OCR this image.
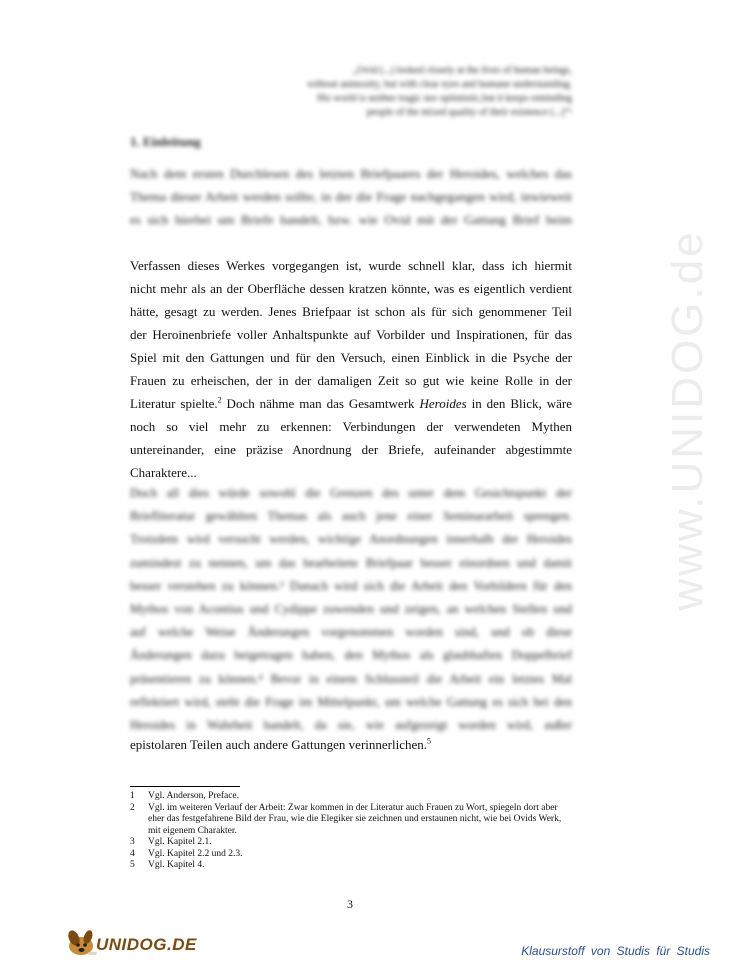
www.UNIDOG.de
„Ovid (...) looked closely at the lives of human beings,
without animosity, but with clear eyes and humane understanding.
His world is neither tragic nor optimistic,but it keeps reminding
people of the mixed quality of their existence (...)“¹
1. Einleitung
Nach dem ersten Durchlesen des letzten Briefpaares der Heroides, welches das
Thema dieser Arbeit werden sollte, in der die Frage nachgegangen wird, inwieweit
es sich hierbei um Briefe handelt, bzw. wie Ovid mit der Gattung Brief beim
Verfassen dieses Werkes vorgegangen ist, wurde schnell klar, dass ich hiermit
nicht mehr als an der Oberfläche dessen kratzen könnte, was es eigentlich verdient
hätte, gesagt zu werden. Jenes Briefpaar ist schon als für sich genommener Teil
der Heroinenbriefe voller Anhaltspunkte auf Vorbilder und Inspirationen, für das
Spiel mit den Gattungen und für den Versuch, einen Einblick in die Psyche der
Frauen zu erheischen, der in der damaligen Zeit so gut wie keine Rolle in der
Literatur spielte.$^2$ Doch nähme man das Gesamtwerk Heroides in den Blick, wäre
noch so viel mehr zu erkennen: Verbindungen der verwendeten Mythen
untereinander, eine präzise Anordnung der Briefe, aufeinander abgestimmte
Charaktere...
Doch all dies würde sowohl die Grenzen des unter dem Gesichtspunkt der
Briefliteratur gewählten Themas als auch jene einer Seminararbeit sprengen.
Trotzdem wird versucht werden, wichtige Anordnungen innerhalb der Heroides
zumindest zu nennen, um das bearbeitete Briefpaar besser einordnen und damit
besser verstehen zu können.³ Danach wird sich die Arbeit den Vorbildern für den
Mythos von Acontius und Cydippe zuwenden und zeigen, an welchen Stellen und
auf welche Weise Änderungen vorgenommen worden sind, und ob diese
Änderungen dazu beigetragen haben, den Mythos als glaubhaften Doppelbrief
präsentieren zu können.⁴ Bevor in einem Schlussteil die Arbeit ein letztes Mal
reflektiert wird, steht die Frage im Mittelpunkt, um welche Gattung es sich bei den
Heroides in Wahrheit handelt, da sie, wie aufgezeigt worden wird, außer
epistolaren Teilen auch andere Gattungen verinnerlichen.$^5$
1 Vgl. Anderson, Preface.
2 Vgl. im weiteren Verlauf der Arbeit: Zwar kommen in der Literatur auch Frauen zu Wort, spiegeln dort aber eher das festgefahrene Bild der Frau, wie die Elegiker sie zeichnen und erstaunen nicht, wie bei Ovids Werk, mit eigenem Charakter.
3 Vgl. Kapitel 2.1.
4 Vgl. Kapitel 2.2 und 2.3.
5 Vgl. Kapitel 4.
3
UNIDOG.DE	Klausurstoff von Studis für Studis
